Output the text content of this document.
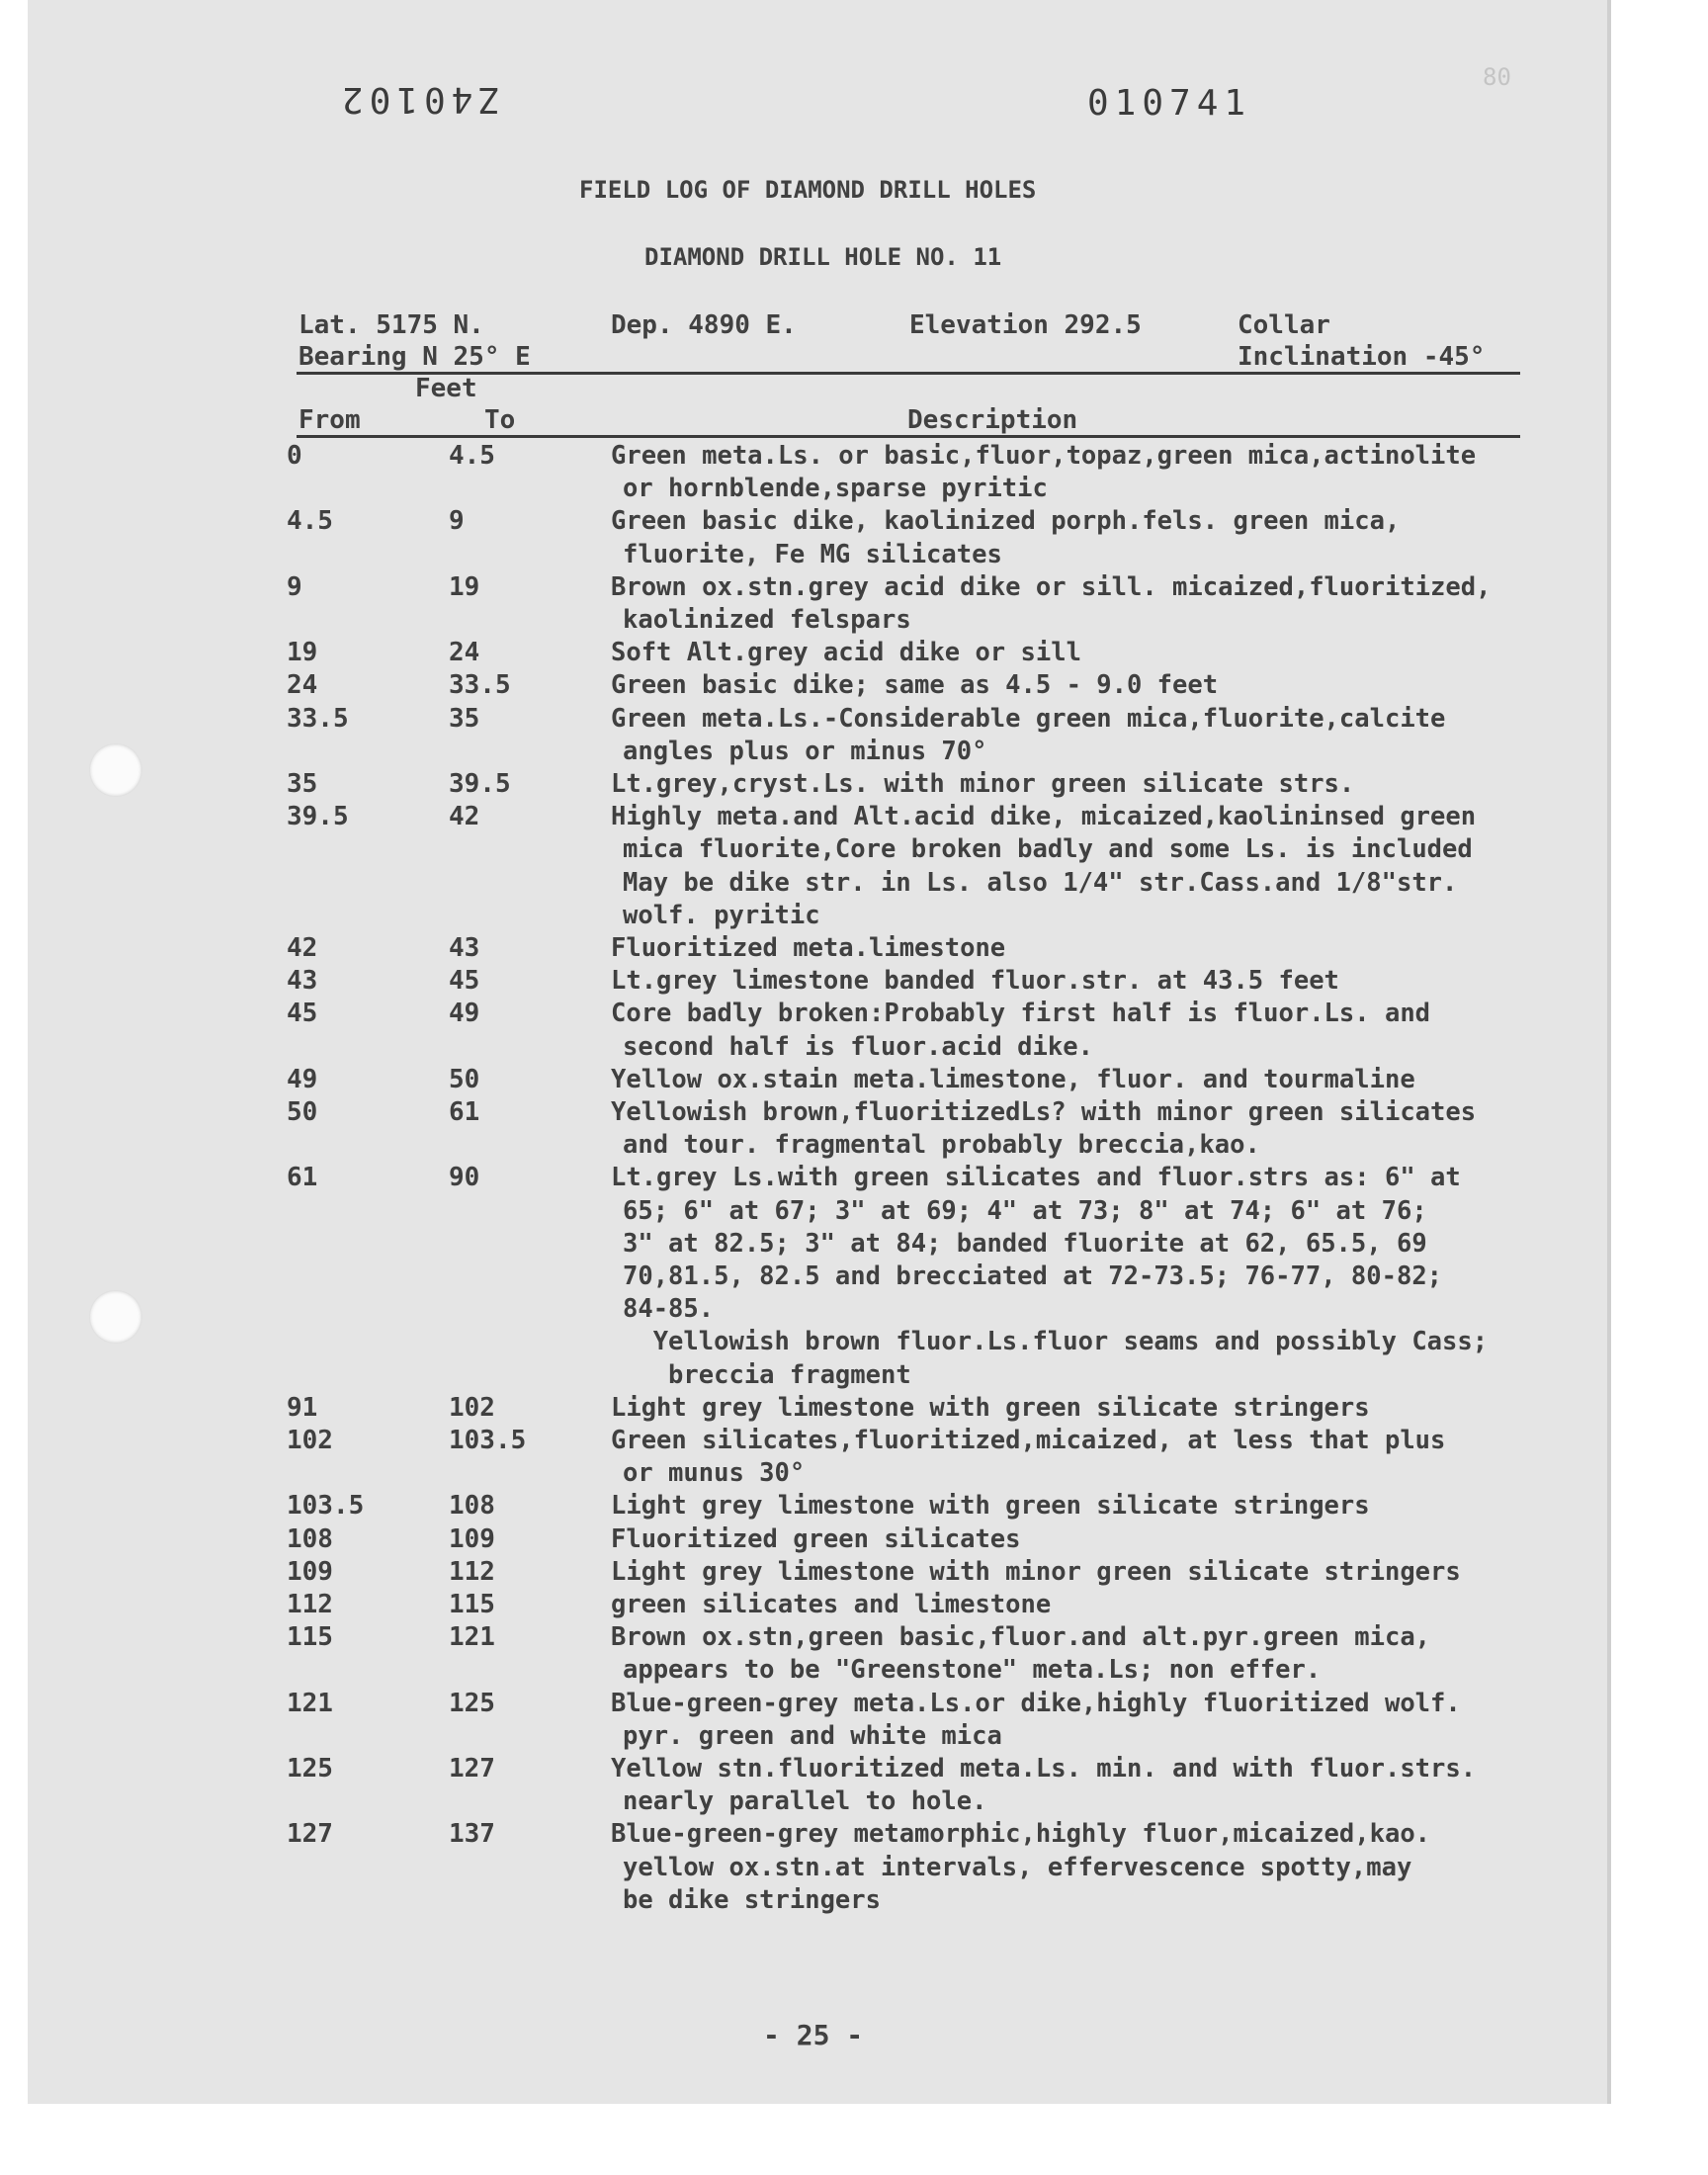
Z40102	010741
80
FIELD LOG OF DIAMOND DRILL HOLES
DIAMOND DRILL HOLE NO. 11
Lat. 5175 N.	Dep. 4890 E.	Elevation 292.5	Collar
Bearing N 25° E	Inclination -45°
Feet
From	To	Description
0	4.5	Green meta.Ls. or basic,fluor,topaz,green mica,actinolite
or hornblende,sparse pyritic
4.5	9	Green basic dike, kaolinized porph.fels. green mica,
fluorite, Fe MG silicates
9	19	Brown ox.stn.grey acid dike or sill. micaized,fluoritized,
kaolinized felspars
19	24	Soft Alt.grey acid dike or sill
24	33.5	Green basic dike; same as 4.5 - 9.0 feet
33.5	35	Green meta.Ls.-Considerable green mica,fluorite,calcite
angles plus or minus 70°
35	39.5	Lt.grey,cryst.Ls. with minor green silicate strs.
39.5	42	Highly meta.and Alt.acid dike, micaized,kaolininsed green
mica fluorite,Core broken badly and some Ls. is included
May be dike str. in Ls. also 1/4" str.Cass.and 1/8"str.
wolf. pyritic
42	43	Fluoritized meta.limestone
43	45	Lt.grey limestone banded fluor.str. at 43.5 feet
45	49	Core badly broken:Probably first half is fluor.Ls. and
second half is fluor.acid dike.
49	50	Yellow ox.stain meta.limestone, fluor. and tourmaline
50	61	Yellowish brown,fluoritizedLs? with minor green silicates
and tour. fragmental probably breccia,kao.
61	90	Lt.grey Ls.with green silicates and fluor.strs as: 6" at
65; 6" at 67; 3" at 69; 4" at 73; 8" at 74; 6" at 76;
3" at 82.5; 3" at 84; banded fluorite at 62, 65.5, 69
70,81.5, 82.5 and brecciated at 72-73.5; 76-77, 80-82;
84-85.
Yellowish brown fluor.Ls.fluor seams and possibly Cass;
breccia fragment
91	102	Light grey limestone with green silicate stringers
102	103.5	Green silicates,fluoritized,micaized, at less that plus
or munus 30°
103.5	108	Light grey limestone with green silicate stringers
108	109	Fluoritized green silicates
109	112	Light grey limestone with minor green silicate stringers
112	115	green silicates and limestone
115	121	Brown ox.stn,green basic,fluor.and alt.pyr.green mica,
appears to be "Greenstone" meta.Ls; non effer.
121	125	Blue-green-grey meta.Ls.or dike,highly fluoritized wolf.
pyr. green and white mica
125	127	Yellow stn.fluoritized meta.Ls. min. and with fluor.strs.
nearly parallel to hole.
127	137	Blue-green-grey metamorphic,highly fluor,micaized,kao.
yellow ox.stn.at intervals, effervescence spotty,may
be dike stringers
- 25 -
